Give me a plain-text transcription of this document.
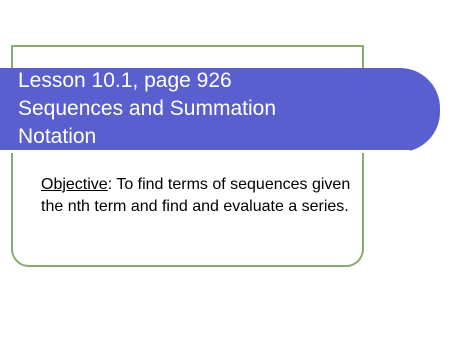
Lesson 10.1, page 926
Sequences and Summation
Notation

Objective: To find terms of sequences given the nth term and find and evaluate a series.
